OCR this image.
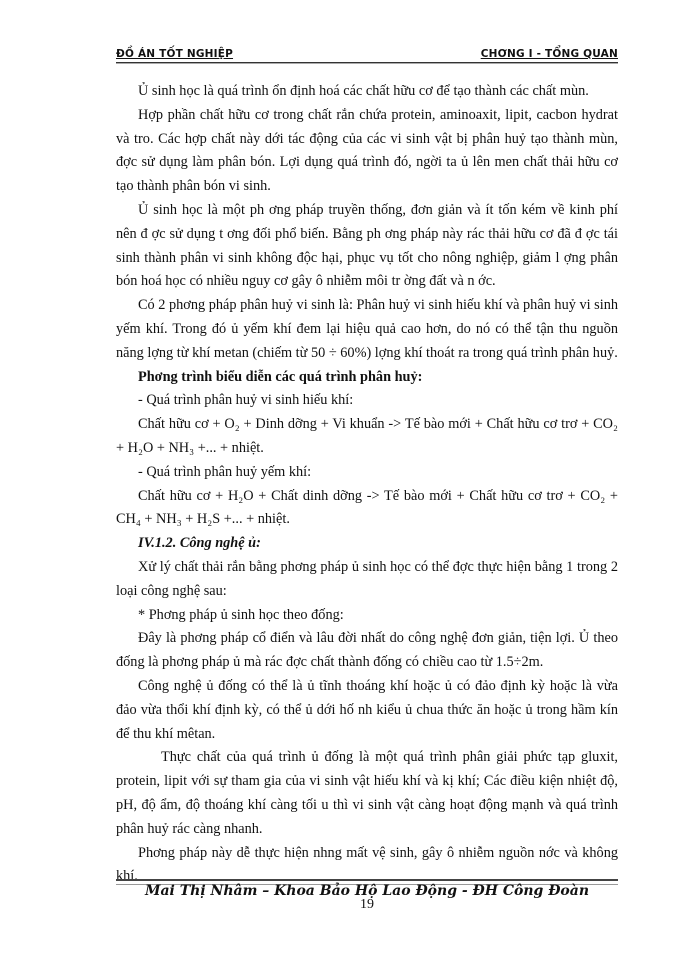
ĐỒ ÁN TỐT NGHIỆP	CHƠNG I - TỔNG QUAN

Ủ sinh học là quá trình ổn định hoá các chất hữu cơ để tạo thành các chất mùn.

Hợp phần chất hữu cơ trong chất rắn chứa protein, aminoaxit, lipit, cacbon hydrat và tro. Các hợp chất này dới tác động của các vi sinh vật bị phân huỷ tạo thành mùn, đợc sử dụng làm phân bón. Lợi dụng quá trình đó, ngời ta ủ lên men chất thải hữu cơ tạo thành phân bón vi sinh.

Ủ sinh học là một ph ơng pháp truyền thống, đơn giản và ít tốn kém về kinh phí nên đ ợc sử dụng t ơng đối phổ biến. Bằng ph ơng pháp này rác thải hữu cơ đã đ ợc tái sinh thành phân vi sinh không độc hại, phục vụ tốt cho nông nghiệp, giảm l ợng phân bón hoá học có nhiều nguy cơ gây ô nhiễm môi tr ờng đất và n ớc.

Có 2 phơng pháp phân huỷ vi sinh là: Phân huỷ vi sinh hiếu khí và phân huỷ vi sinh yếm khí. Trong đó ủ yếm khí đem lại hiệu quả cao hơn, do nó có thể tận thu nguồn năng lợng từ khí metan (chiếm từ 50 ÷ 60%) lợng khí thoát ra trong quá trình phân huỷ.

Phơng trình biểu diễn các quá trình phân huỷ:

- Quá trình phân huỷ vi sinh hiếu khí:

Chất hữu cơ + O₂ + Dinh dỡng + Vi khuẩn -> Tế bào mới + Chất hữu cơ trơ + CO₂ + H₂O + NH₃ +... + nhiệt.

- Quá trình phân huỷ yếm khí:

Chất hữu cơ + H₂O + Chất dinh dỡng -> Tế bào mới + Chất hữu cơ trơ + CO₂ + CH₄ + NH₃ + H₂S +... + nhiệt.

IV.1.2. Công nghệ ủ:

Xử lý chất thải rắn bằng phơng pháp ủ sinh học có thể đợc thực hiện bằng 1 trong 2 loại công nghệ sau:

* Phơng pháp ủ sinh học theo đống:

Đây là phơng pháp cổ điển và lâu đời nhất do công nghệ đơn giản, tiện lợi. Ủ theo đống là phơng pháp ủ mà rác đợc chất thành đống có chiều cao từ 1.5÷2m.

Công nghệ ủ đống có thể là ủ tĩnh thoáng khí hoặc ủ có đảo định kỳ hoặc là vừa đảo vừa thổi khí định kỳ, có thể ủ dới hố nh kiểu ủ chua thức ăn hoặc ủ trong hầm kín để thu khí mêtan.

Thực chất của quá trình ủ đống là một quá trình phân giải phức tạp gluxit, protein, lipit với sự tham gia của vi sinh vật hiếu khí và kị khí; Các điều kiện nhiệt độ, pH, độ ẩm, độ thoáng khí càng tối u thì vi sinh vật càng hoạt động mạnh và quá trình phân huỷ rác càng nhanh.

Phơng pháp này dễ thực hiện nhng mất vệ sinh, gây ô nhiễm nguồn nớc và không khí.

Mai Thị Nhâm – Khoa Bảo Hộ Lao Động - ĐH Công Đoàn
19
